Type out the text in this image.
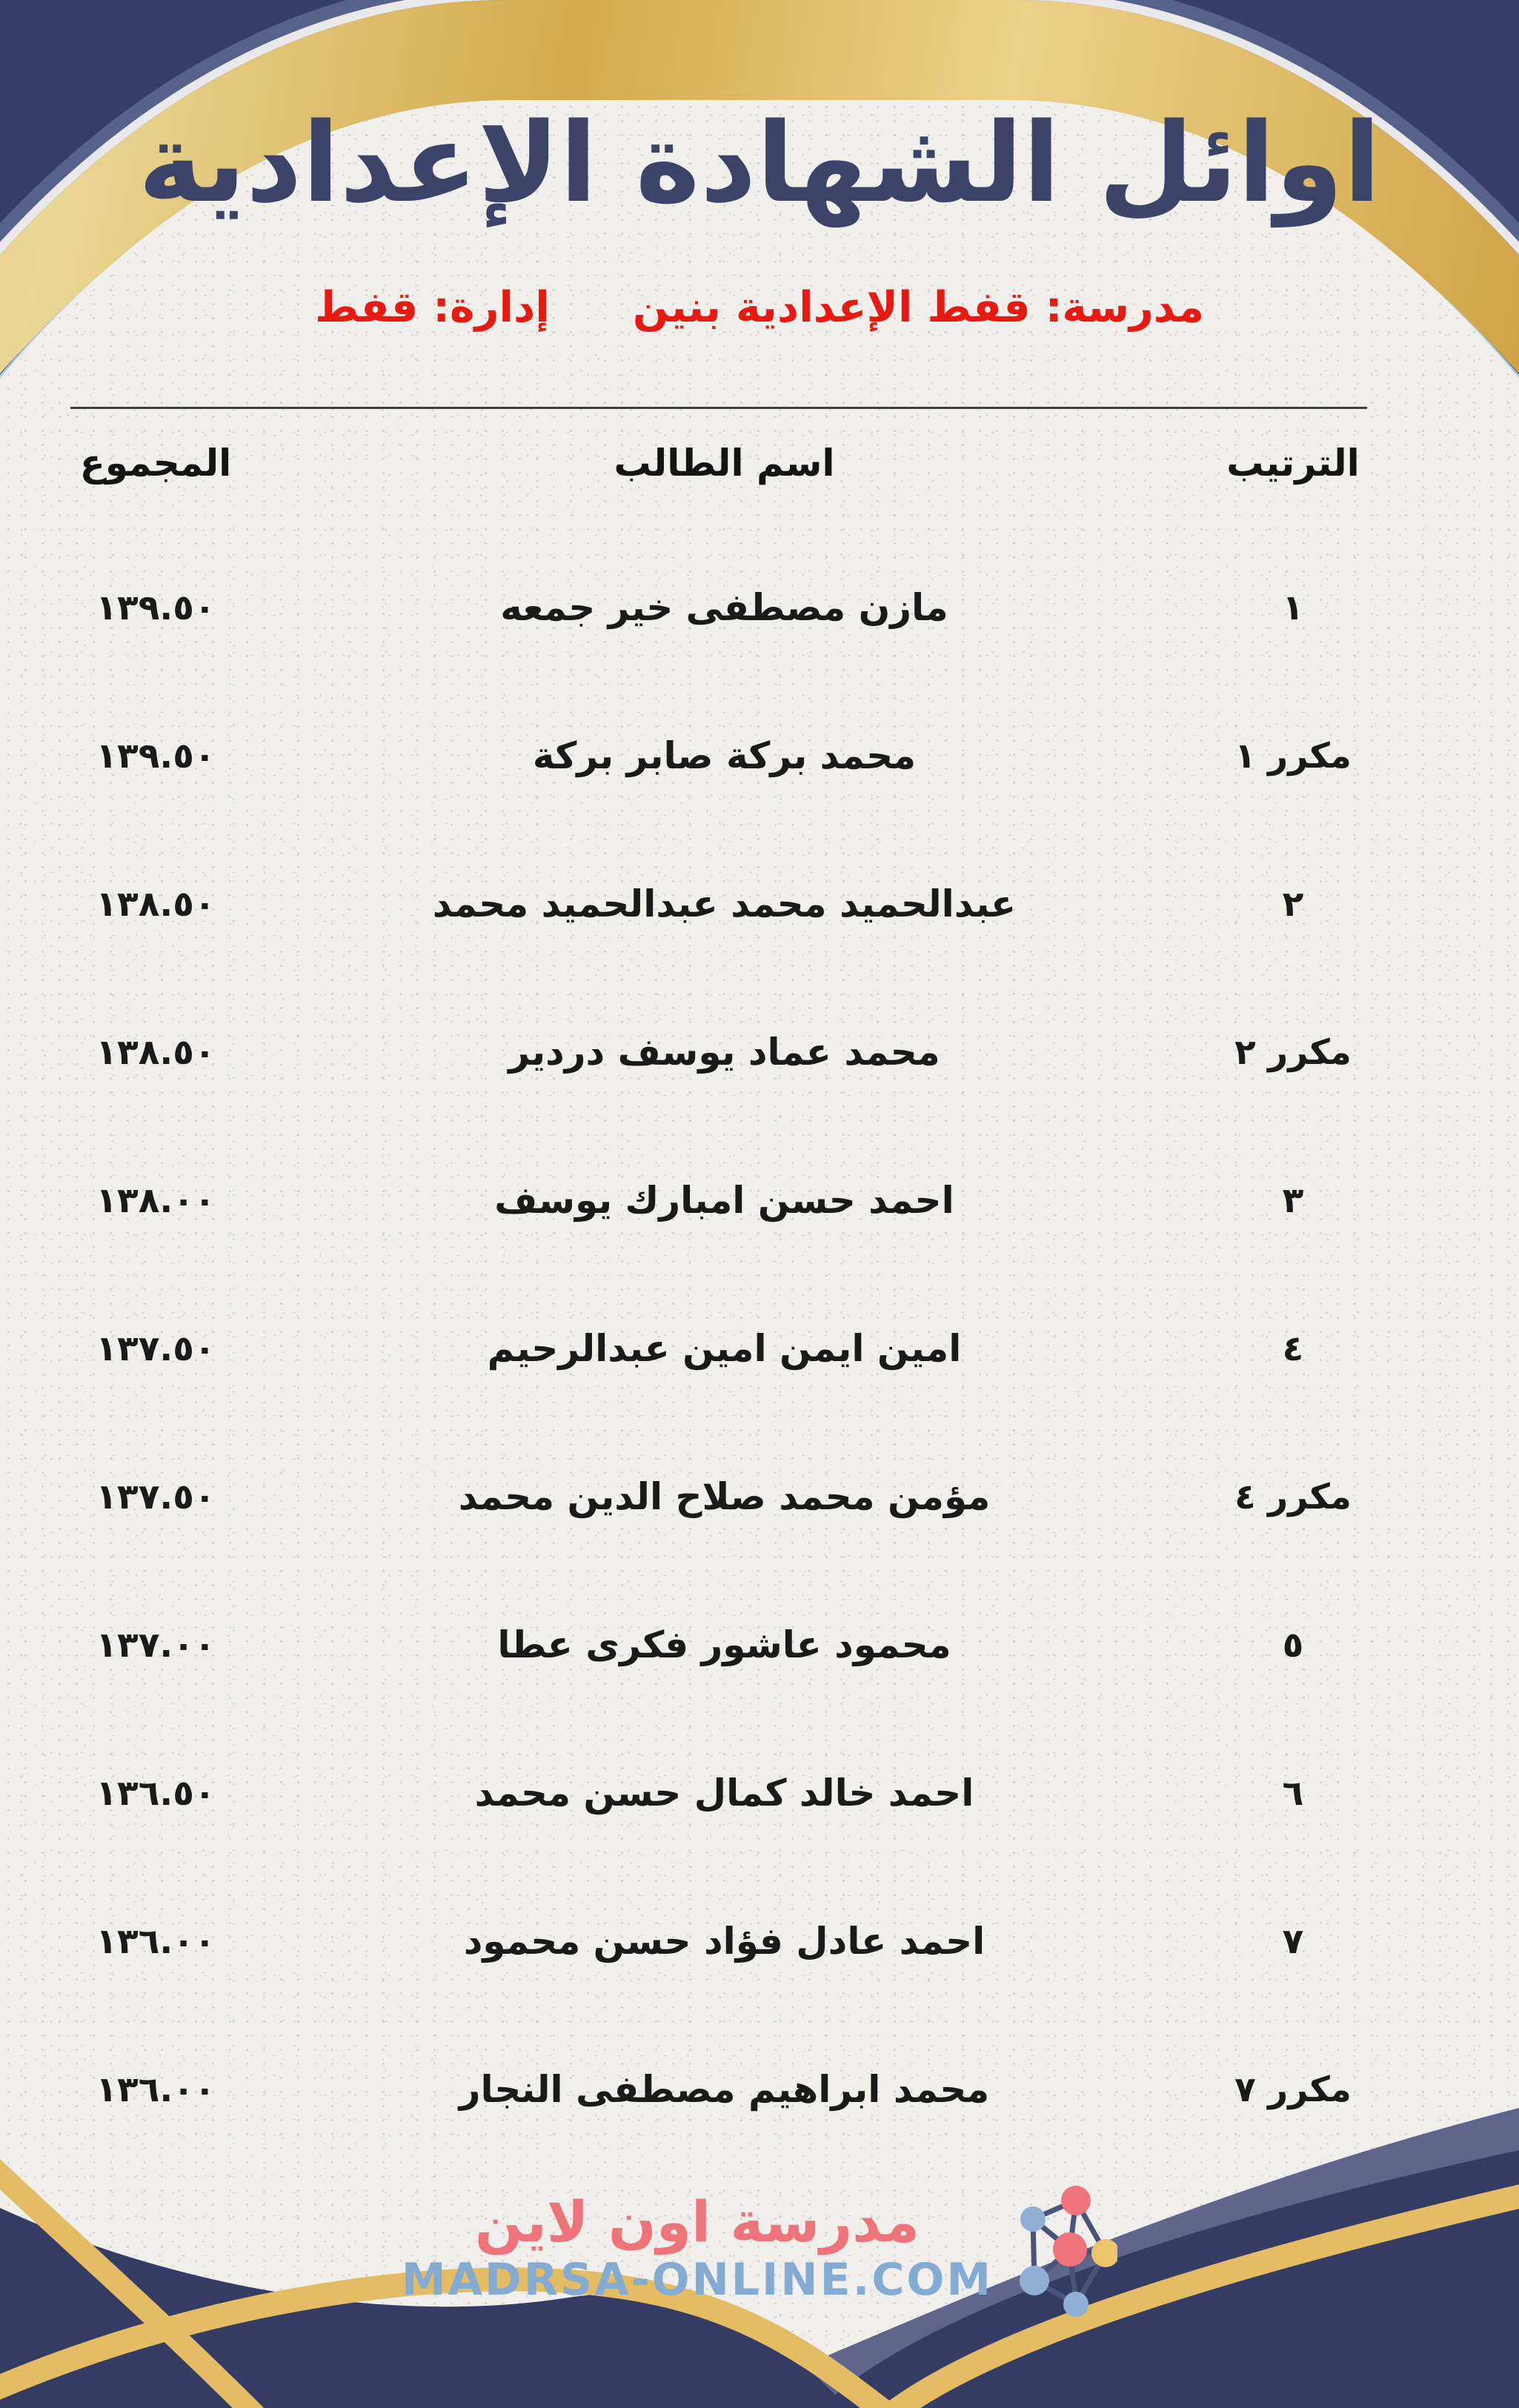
اوائل الشهادة الإعدادية
مدرسة: قفط الإعدادية بنين
إدارة: قفط
الترتيب
اسم الطالب
المجموع
١
مازن مصطفى خير جمعه
١٣٩.٥٠
مكرر ١
محمد بركة صابر بركة
١٣٩.٥٠
٢
عبدالحميد محمد عبدالحميد محمد
١٣٨.٥٠
مكرر ٢
محمد عماد يوسف دردير
١٣٨.٥٠
٣
احمد حسن امبارك يوسف
١٣٨.٠٠
٤
امين ايمن امين عبدالرحيم
١٣٧.٥٠
مكرر ٤
مؤمن محمد صلاح الدين محمد
١٣٧.٥٠
٥
محمود عاشور فكرى عطا
١٣٧.٠٠
٦
احمد خالد كمال حسن محمد
١٣٦.٥٠
٧
احمد عادل فؤاد حسن محمود
١٣٦.٠٠
مكرر ٧
محمد ابراهيم مصطفى النجار
١٣٦.٠٠
مدرسة اون لاين
MADRSA-ONLINE.COM
